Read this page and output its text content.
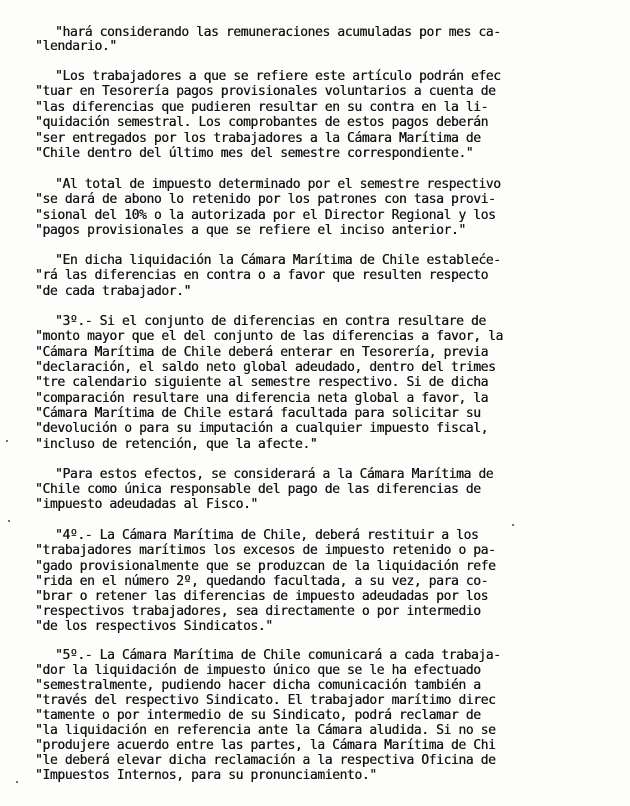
"hará considerando las remuneraciones acumuladas por mes ca-
"lendario."
"Los trabajadores a que se refiere este artículo podrán efec
"tuar en Tesorería pagos provisionales voluntarios a cuenta de
"las diferencias que pudieren resultar en su contra en la li-
"quidación semestral. Los comprobantes de estos pagos deberán
"ser entregados por los trabajadores a la Cámara Marítima de
"Chile dentro del último mes del semestre correspondiente."
"Al total de impuesto determinado por el semestre respectivo
"se dará de abono lo retenido por los patrones con tasa provi-
"sional del 10% o la autorizada por el Director Regional y los
"pagos provisionales a que se refiere el inciso anterior."
"En dicha liquidación la Cámara Marítima de Chile estableće-
"rá las diferencias en contra o a favor que resulten respecto
"de cada trabajador."
"3º.- Si el conjunto de diferencias en contra resultare de
"monto mayor que el del conjunto de las diferencias a favor, la
"Cámara Marítima de Chile deberá enterar en Tesorería, previa
"declaración, el saldo neto global adeudado, dentro del trimes
"tre calendario siguiente al semestre respectivo. Si de dicha
"comparación resultare una diferencia neta global a favor, la
"Cámara Marítima de Chile estará facultada para solicitar su
"devolución o para su imputación a cualquier impuesto fiscal,
"incluso de retención, que la afecte."
"Para estos efectos, se considerará a la Cámara Marítima de
"Chile como única responsable del pago de las diferencias de
"impuesto adeudadas al Fisco."
"4º.- La Cámara Marítima de Chile, deberá restituir a los
"trabajadores marítimos los excesos de impuesto retenido o pa-
"gado provisionalmente que se produzcan de la liquidación refe
"rida en el número 2º, quedando facultada, a su vez, para co-
"brar o retener las diferencias de impuesto adeudadas por los
"respectivos trabajadores, sea directamente o por intermedio
"de los respectivos Sindicatos."
"5º.- La Cámara Marítima de Chile comunicará a cada trabaja-
"dor la liquidación de impuesto único que se le ha efectuado
"semestralmente, pudiendo hacer dicha comunicación también a
"través del respectivo Sindicato. El trabajador marítimo direc
"tamente o por intermedio de su Sindicato, podrá reclamar de
"la liquidación en referencia ante la Cámara aludida. Si no se
"produjere acuerdo entre las partes, la Cámara Marítima de Chi
"le deberá elevar dicha reclamación a la respectiva Oficina de
"Impuestos Internos, para su pronunciamiento."
